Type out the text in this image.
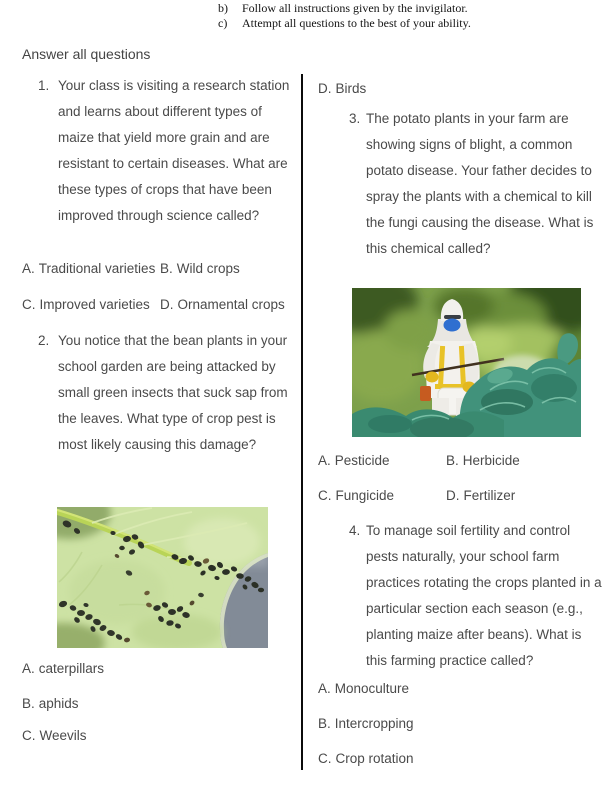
b)	Follow all instructions given by the invigilator.
c)	Attempt all questions to the best of your ability.
Answer all questions
1. Your class is visiting a research station and learns about different types of maize that yield more grain and are resistant to certain diseases. What are these types of crops that have been improved through science called?
A. Traditional varieties B. Wild crops
C. Improved varieties D. Ornamental crops
2. You notice that the bean plants in your school garden are being attacked by small green insects that suck sap from the leaves. What type of crop pest is most likely causing this damage?
A. caterpillars
B. aphids
C. Weevils
D. Birds
3. The potato plants in your farm are showing signs of blight, a common potato disease. Your father decides to spray the plants with a chemical to kill the fungi causing the disease. What is this chemical called?
A. Pesticide	B. Herbicide
C. Fungicide	D. Fertilizer
4. To manage soil fertility and control pests naturally, your school farm practices rotating the crops planted in a particular section each season (e.g., planting maize after beans). What is this farming practice called?
A. Monoculture
B. Intercropping
C. Crop rotation
